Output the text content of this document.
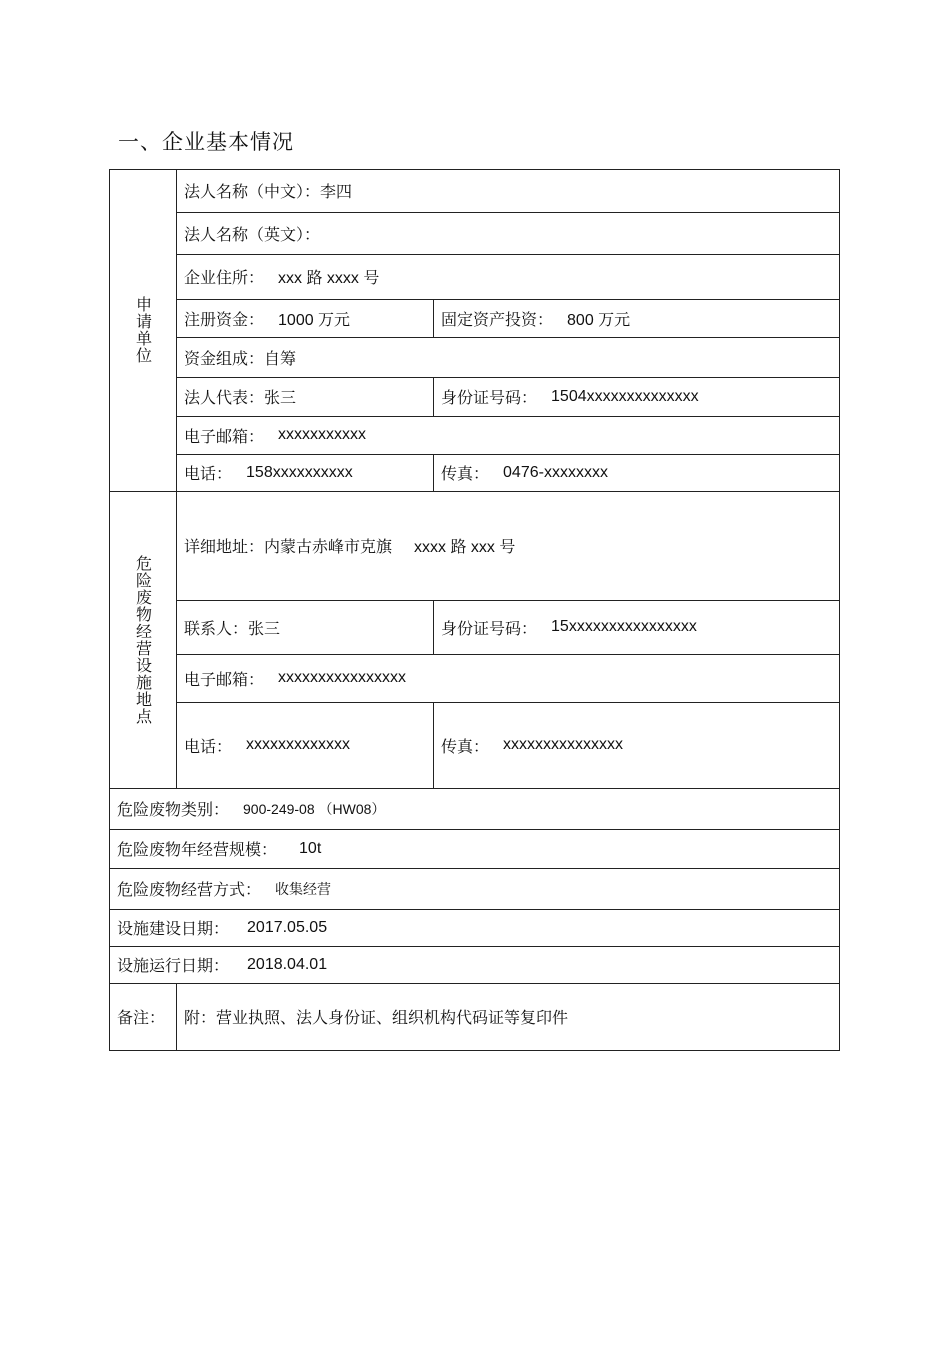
一、企业基本情况
申请单位
法人名称（中文）： 李四
法人名称（英文）：
企业住所： xxx 路 xxxx 号
注册资金： 1000 万元	固定资产投资： 800 万元
资金组成： 自筹
法人代表： 张三	身份证号码： 1504xxxxxxxxxxxxxx
电子邮箱： xxxxxxxxxxx
电话： 158xxxxxxxxxx	传真： 0476-xxxxxxxx
危险废物经营设施地点
详细地址： 内蒙古赤峰市克旗 xxxx 路 xxx 号
联系人： 张三	身份证号码： 15xxxxxxxxxxxxxxxx
电子邮箱： xxxxxxxxxxxxxxxx
电话： xxxxxxxxxxxxx	传真： xxxxxxxxxxxxxxx
危险废物类别： 900-249-08 （HW08）
危险废物年经营规模： 10t
危险废物经营方式： 收集经营
设施建设日期： 2017.05.05
设施运行日期： 2018.04.01
备注： 附：营业执照、法人身份证、组织机构代码证等复印件
